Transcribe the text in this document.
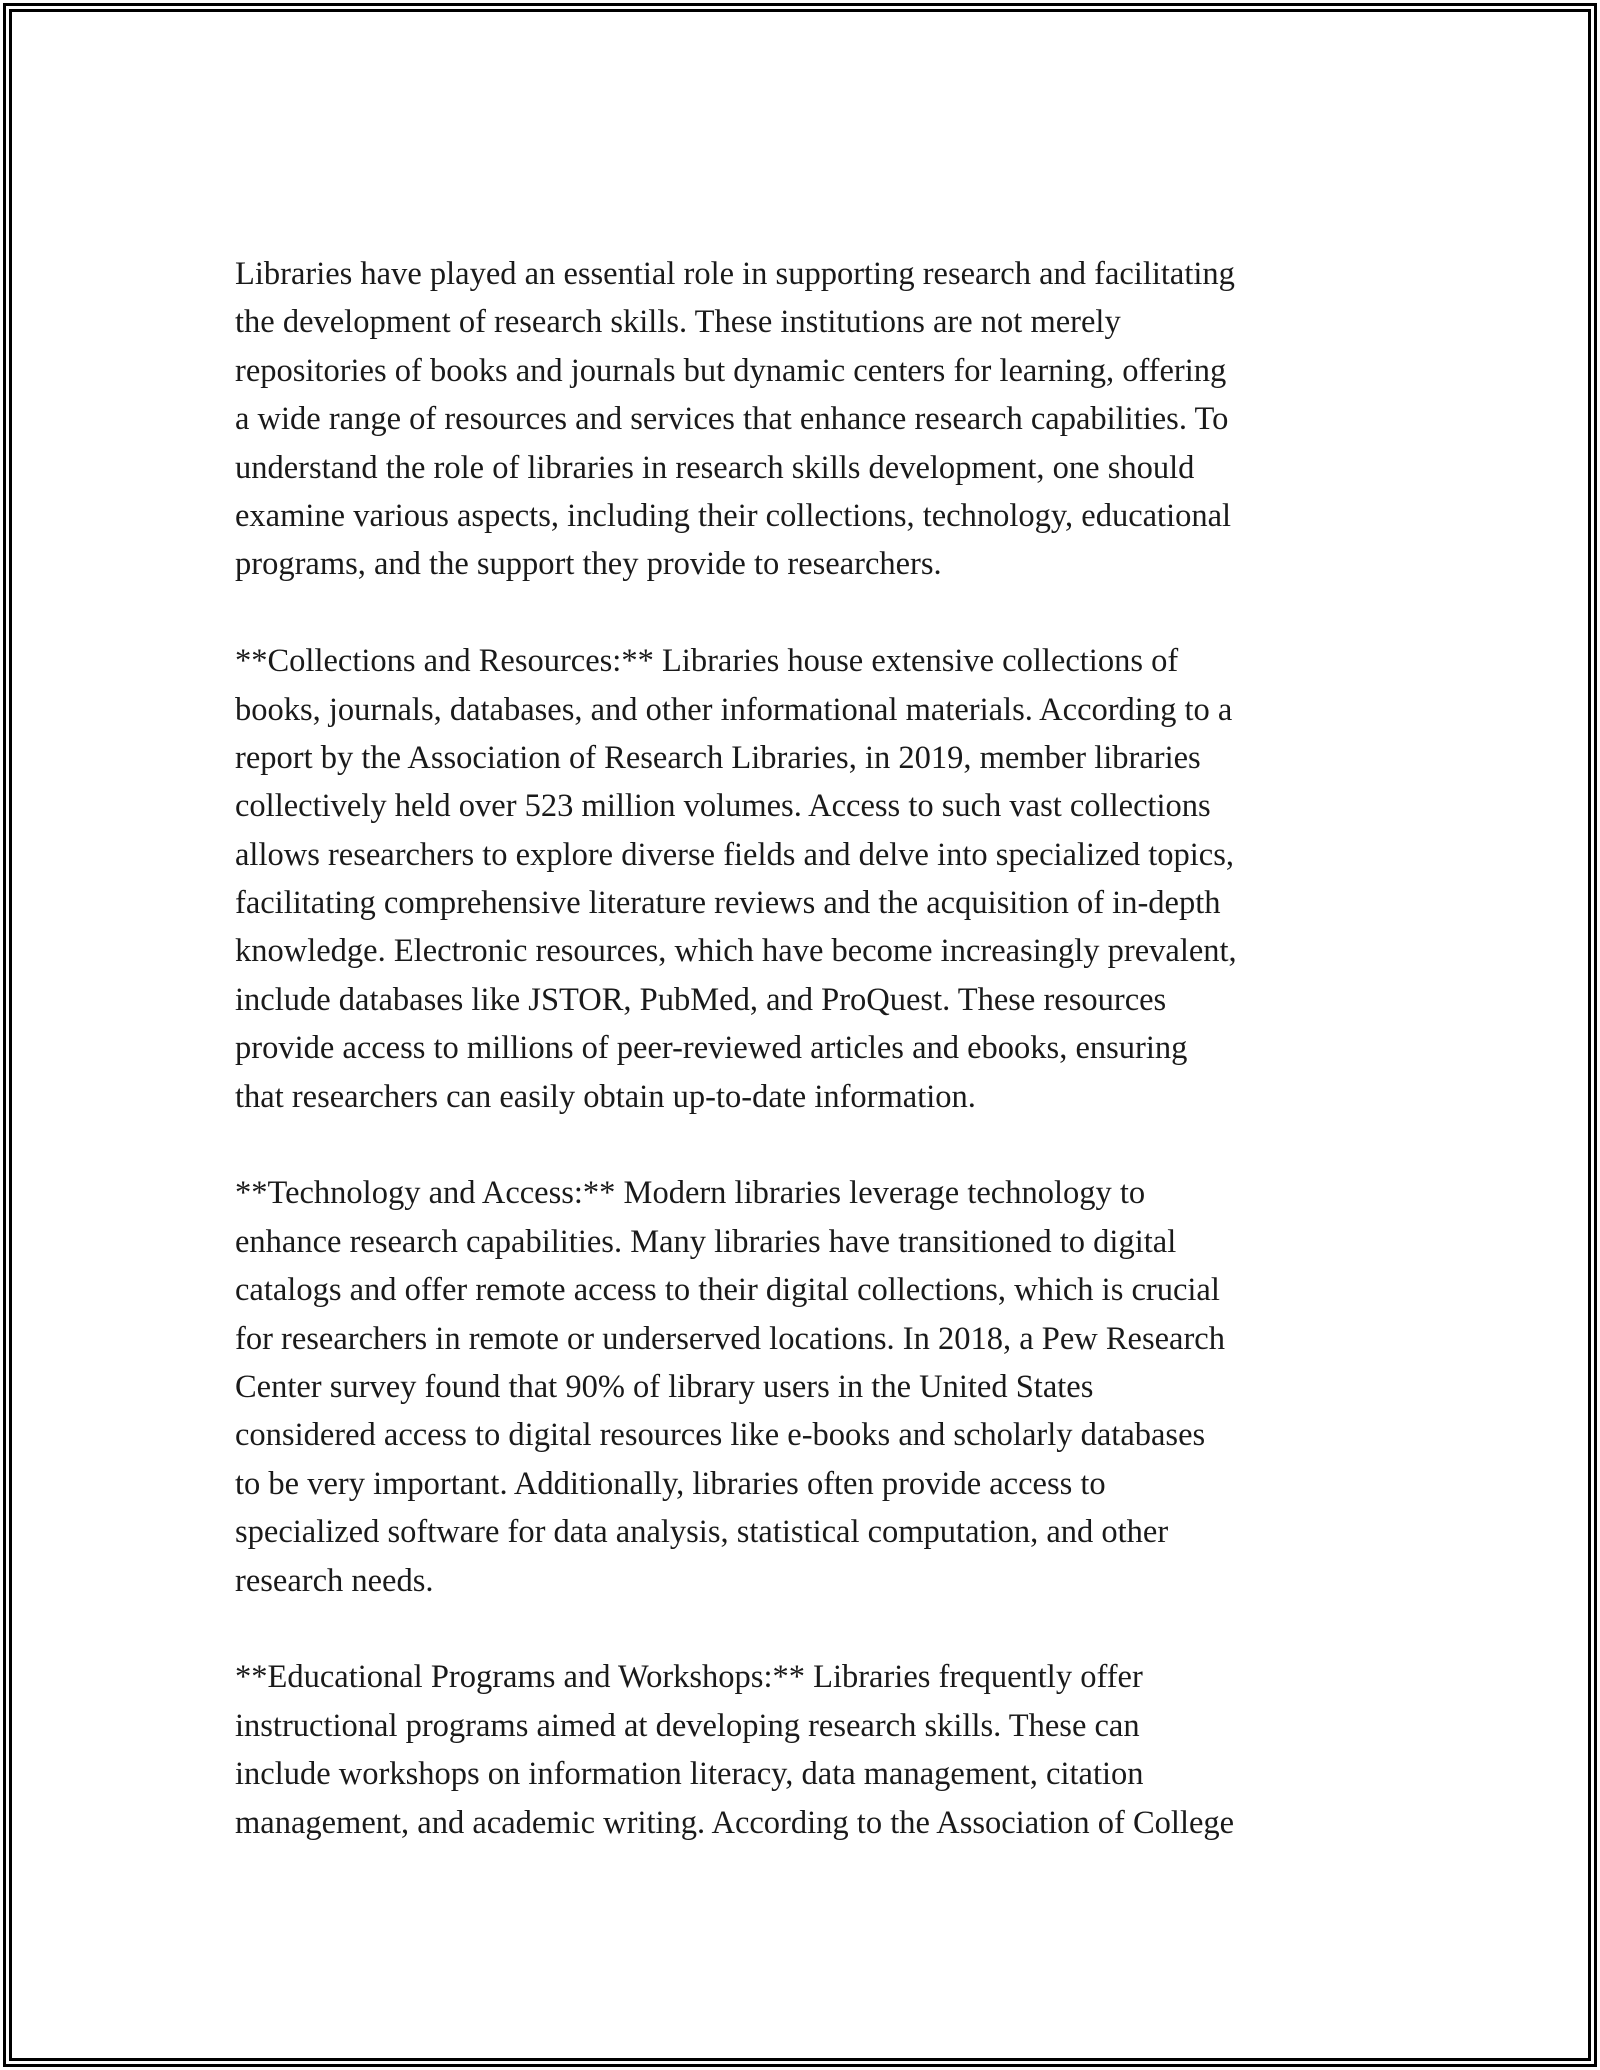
Libraries have played an essential role in supporting research and facilitating
the development of research skills. These institutions are not merely
repositories of books and journals but dynamic centers for learning, offering
a wide range of resources and services that enhance research capabilities. To
understand the role of libraries in research skills development, one should
examine various aspects, including their collections, technology, educational
programs, and the support they provide to researchers.

**Collections and Resources:** Libraries house extensive collections of
books, journals, databases, and other informational materials. According to a
report by the Association of Research Libraries, in 2019, member libraries
collectively held over 523 million volumes. Access to such vast collections
allows researchers to explore diverse fields and delve into specialized topics,
facilitating comprehensive literature reviews and the acquisition of in-depth
knowledge. Electronic resources, which have become increasingly prevalent,
include databases like JSTOR, PubMed, and ProQuest. These resources
provide access to millions of peer-reviewed articles and ebooks, ensuring
that researchers can easily obtain up-to-date information.

**Technology and Access:** Modern libraries leverage technology to
enhance research capabilities. Many libraries have transitioned to digital
catalogs and offer remote access to their digital collections, which is crucial
for researchers in remote or underserved locations. In 2018, a Pew Research
Center survey found that 90% of library users in the United States
considered access to digital resources like e-books and scholarly databases
to be very important. Additionally, libraries often provide access to
specialized software for data analysis, statistical computation, and other
research needs.

**Educational Programs and Workshops:** Libraries frequently offer
instructional programs aimed at developing research skills. These can
include workshops on information literacy, data management, citation
management, and academic writing. According to the Association of College
